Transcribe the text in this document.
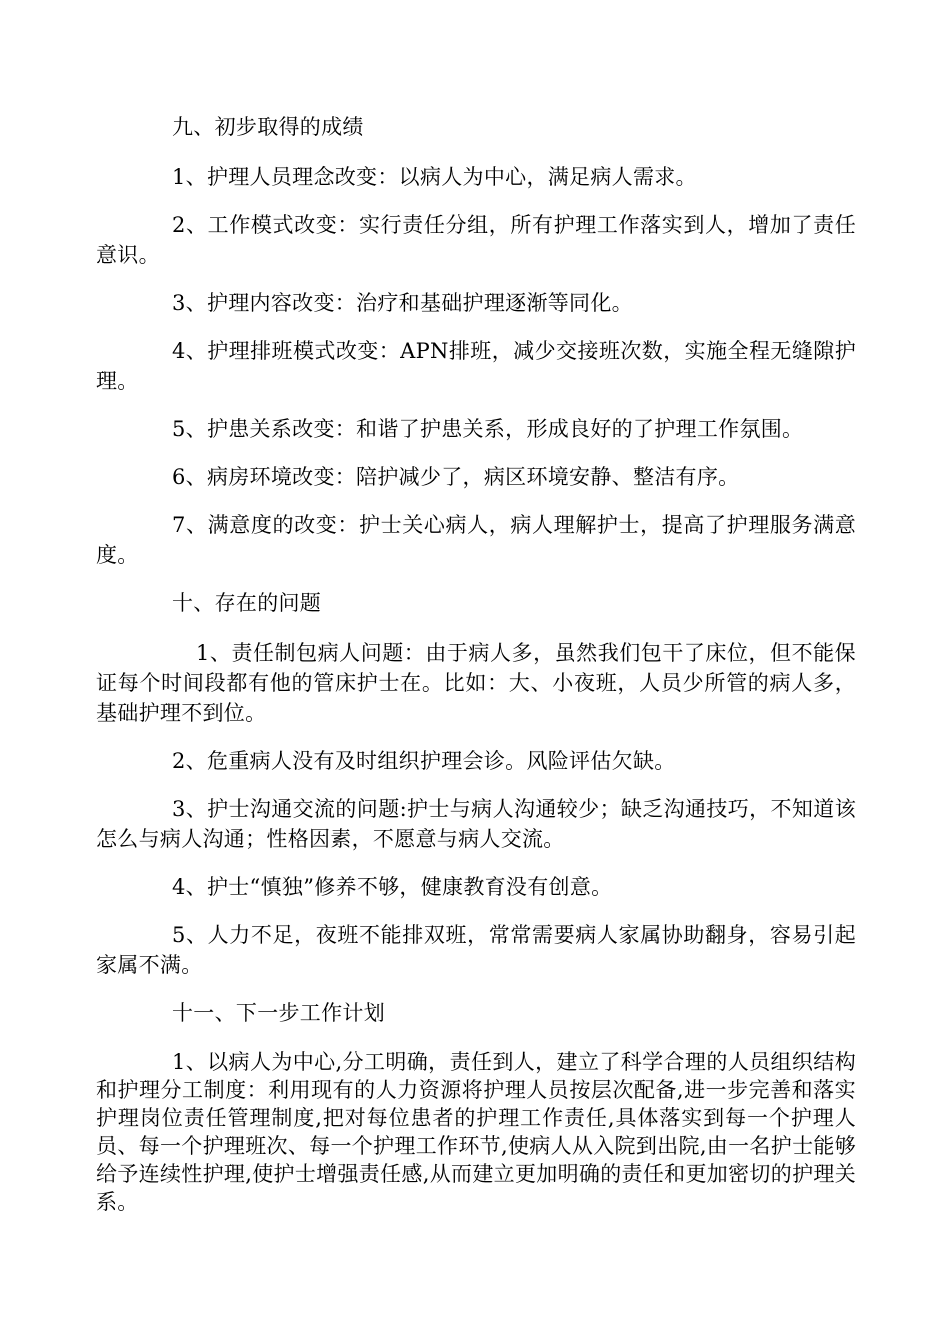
九、初步取得的成绩

1、护理人员理念改变：以病人为中心，满足病人需求。

2、工作模式改变：实行责任分组，所有护理工作落实到人，增加了责任意识。

3、护理内容改变：治疗和基础护理逐渐等同化。

4、护理排班模式改变：APN排班，减少交接班次数，实施全程无缝隙护理。

5、护患关系改变：和谐了护患关系，形成良好的了护理工作氛围。

6、病房环境改变：陪护减少了，病区环境安静、整洁有序。

7、满意度的改变：护士关心病人，病人理解护士，提高了护理服务满意度。

十、存在的问题

1、责任制包病人问题：由于病人多，虽然我们包干了床位，但不能保证每个时间段都有他的管床护士在。比如：大、小夜班，人员少所管的病人多，基础护理不到位。

2、危重病人没有及时组织护理会诊。风险评估欠缺。

3、护士沟通交流的问题:护士与病人沟通较少；缺乏沟通技巧，不知道该怎么与病人沟通；性格因素，不愿意与病人交流。

4、护士“慎独”修养不够，健康教育没有创意。

5、人力不足，夜班不能排双班，常常需要病人家属协助翻身，容易引起家属不满。

十一、下一步工作计划

1、以病人为中心,分工明确，责任到人，建立了科学合理的人员组织结构和护理分工制度：利用现有的人力资源将护理人员按层次配备,进一步完善和落实护理岗位责任管理制度,把对每位患者的护理工作责任,具体落实到每一个护理人员、每一个护理班次、每一个护理工作环节,使病人从入院到出院,由一名护士能够给予连续性护理,使护士增强责任感,从而建立更加明确的责任和更加密切的护理关系。
